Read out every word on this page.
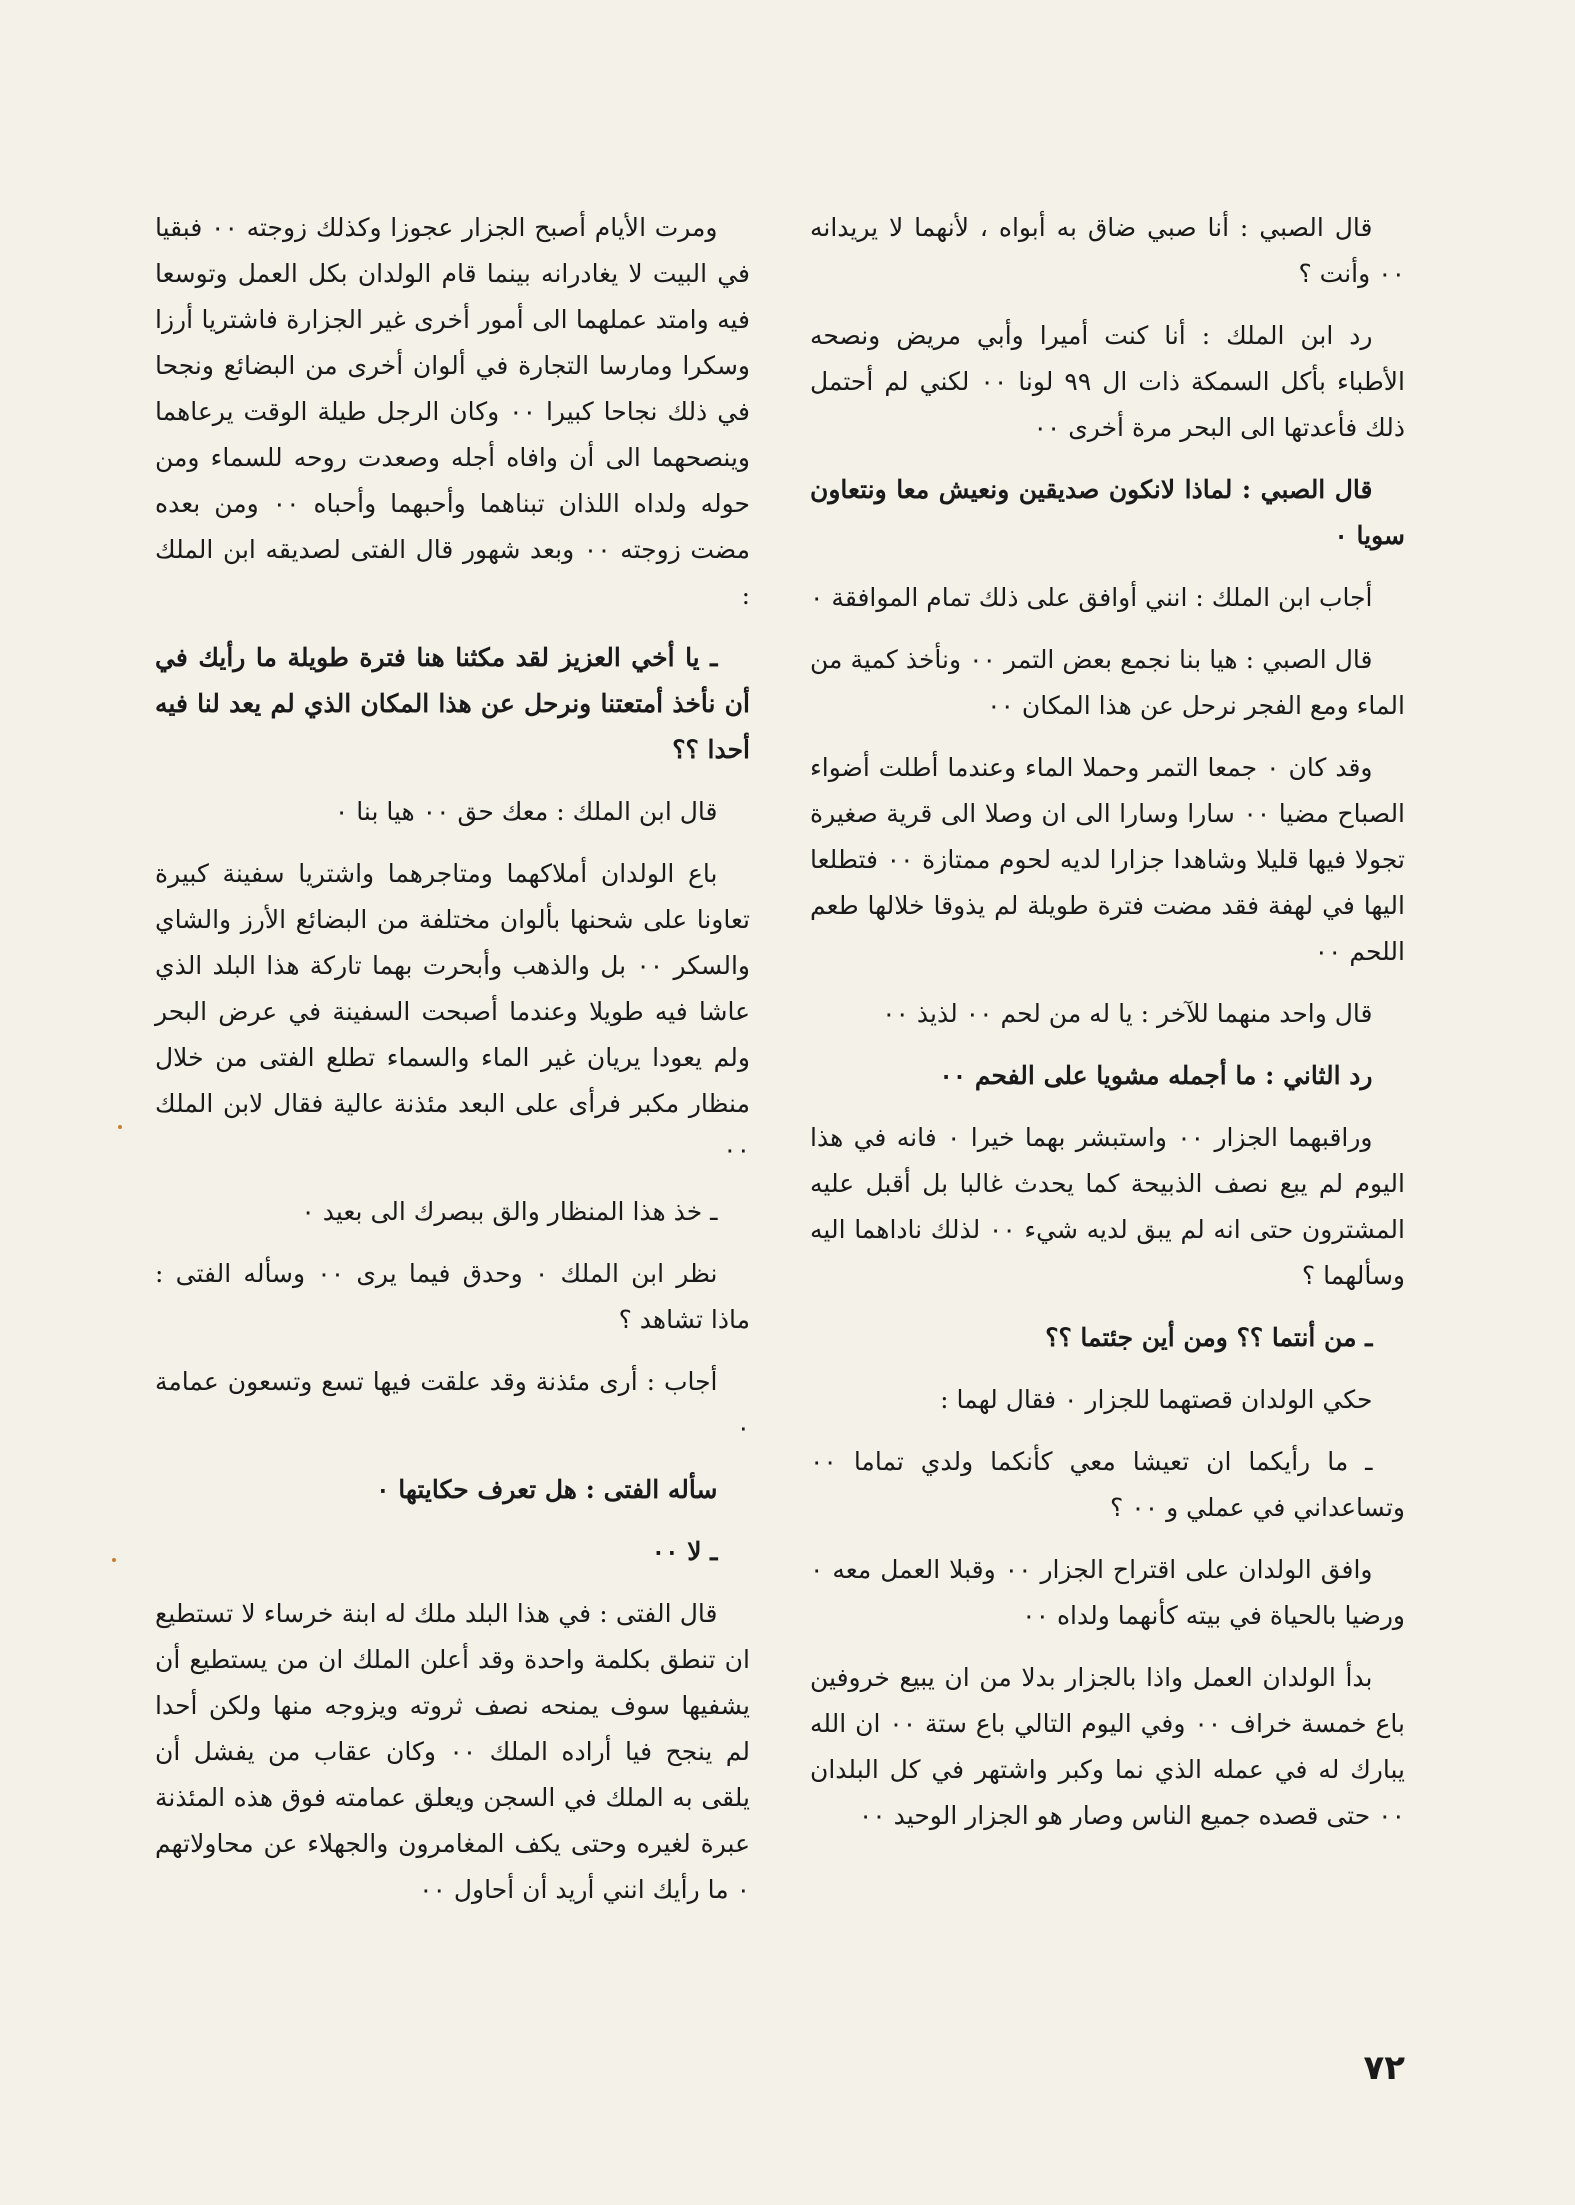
قال الصبي : أنا صبي ضاق به أبواه ، لأنهما لا يريدانه ٠٠ وأنت ؟

رد ابن الملك : أنا كنت أميرا وأبي مريض ونصحه الأطباء بأكل السمكة ذات ال ٩٩ لونا ٠٠ لكني لم أحتمل ذلك فأعدتها الى البحر مرة أخرى ٠٠

قال الصبي : لماذا لانكون صديقين ونعيش معا ونتعاون سويا ٠

أجاب ابن الملك : انني أوافق على ذلك تمام الموافقة ٠

قال الصبي : هيا بنا نجمع بعض التمر ٠٠ ونأخذ كمية من الماء ومع الفجر نرحل عن هذا المكان ٠٠

وقد كان ٠ جمعا التمر وحملا الماء وعندما أطلت أضواء الصباح مضيا ٠٠ سارا وسارا الى ان وصلا الى قرية صغيرة تجولا فيها قليلا وشاهدا جزارا لديه لحوم ممتازة ٠٠ فتطلعا اليها في لهفة فقد مضت فترة طويلة لم يذوقا خلالها طعم اللحم ٠٠

قال واحد منهما للآخر : يا له من لحم ٠٠ لذيذ ٠٠

رد الثاني : ما أجمله مشويا على الفحم ٠٠

وراقبهما الجزار ٠٠ واستبشر بهما خيرا ٠ فانه في هذا اليوم لم يبع نصف الذبيحة كما يحدث غالبا بل أقبل عليه المشترون حتى انه لم يبق لديه شيء ٠٠ لذلك ناداهما اليه وسألهما ؟

ـ من أنتما ؟؟ ومن أين جئتما ؟؟

حكي الولدان قصتهما للجزار ٠ فقال لهما :

ـ ما رأيكما ان تعيشا معي كأنكما ولدي تماما ٠٠ وتساعداني في عملي و ٠٠ ؟

وافق الولدان على اقتراح الجزار ٠٠ وقبلا العمل معه ٠ ورضيا بالحياة في بيته كأنهما ولداه ٠٠

بدأ الولدان العمل واذا بالجزار بدلا من ان يبيع خروفين باع خمسة خراف ٠٠ وفي اليوم التالي باع ستة ٠٠ ان الله يبارك له في عمله الذي نما وكبر واشتهر في كل البلدان ٠٠ حتى قصده جميع الناس وصار هو الجزار الوحيد ٠٠

ومرت الأيام أصبح الجزار عجوزا وكذلك زوجته ٠٠ فبقيا في البيت لا يغادرانه بينما قام الولدان بكل العمل وتوسعا فيه وامتد عملهما الى أمور أخرى غير الجزارة فاشتريا أرزا وسكرا ومارسا التجارة في ألوان أخرى من البضائع ونجحا في ذلك نجاحا كبيرا ٠٠ وكان الرجل طيلة الوقت يرعاهما وينصحهما الى أن وافاه أجله وصعدت روحه للسماء ومن حوله ولداه اللذان تبناهما وأحبهما وأحباه ٠٠ ومن بعده مضت زوجته ٠٠ وبعد شهور قال الفتى لصديقه ابن الملك :

ـ يا أخي العزيز لقد مكثنا هنا فترة طويلة ما رأيك في أن نأخذ أمتعتنا ونرحل عن هذا المكان الذي لم يعد لنا فيه أحدا ؟؟

قال ابن الملك : معك حق ٠٠ هيا بنا ٠

باع الولدان أملاكهما ومتاجرهما واشتريا سفينة كبيرة تعاونا على شحنها بألوان مختلفة من البضائع الأرز والشاي والسكر ٠٠ بل والذهب وأبحرت بهما تاركة هذا البلد الذي عاشا فيه طويلا وعندما أصبحت السفينة في عرض البحر ولم يعودا يريان غير الماء والسماء تطلع الفتى من خلال منظار مكبر فرأى على البعد مئذنة عالية فقال لابن الملك ٠٠

ـ خذ هذا المنظار والق ببصرك الى بعيد ٠

نظر ابن الملك ٠ وحدق فيما يرى ٠٠ وسأله الفتى : ماذا تشاهد ؟

أجاب : أرى مئذنة وقد علقت فيها تسع وتسعون عمامة ٠

سأله الفتى : هل تعرف حكايتها ٠

ـ لا ٠٠

قال الفتى : في هذا البلد ملك له ابنة خرساء لا تستطيع ان تنطق بكلمة واحدة وقد أعلن الملك ان من يستطيع أن يشفيها سوف يمنحه نصف ثروته ويزوجه منها ولكن أحدا لم ينجح فيا أراده الملك ٠٠ وكان عقاب من يفشل أن يلقى به الملك في السجن ويعلق عمامته فوق هذه المئذنة عبرة لغيره وحتى يكف المغامرون والجهلاء عن محاولاتهم ٠ ما رأيك انني أريد أن أحاول ٠٠

٧٢
